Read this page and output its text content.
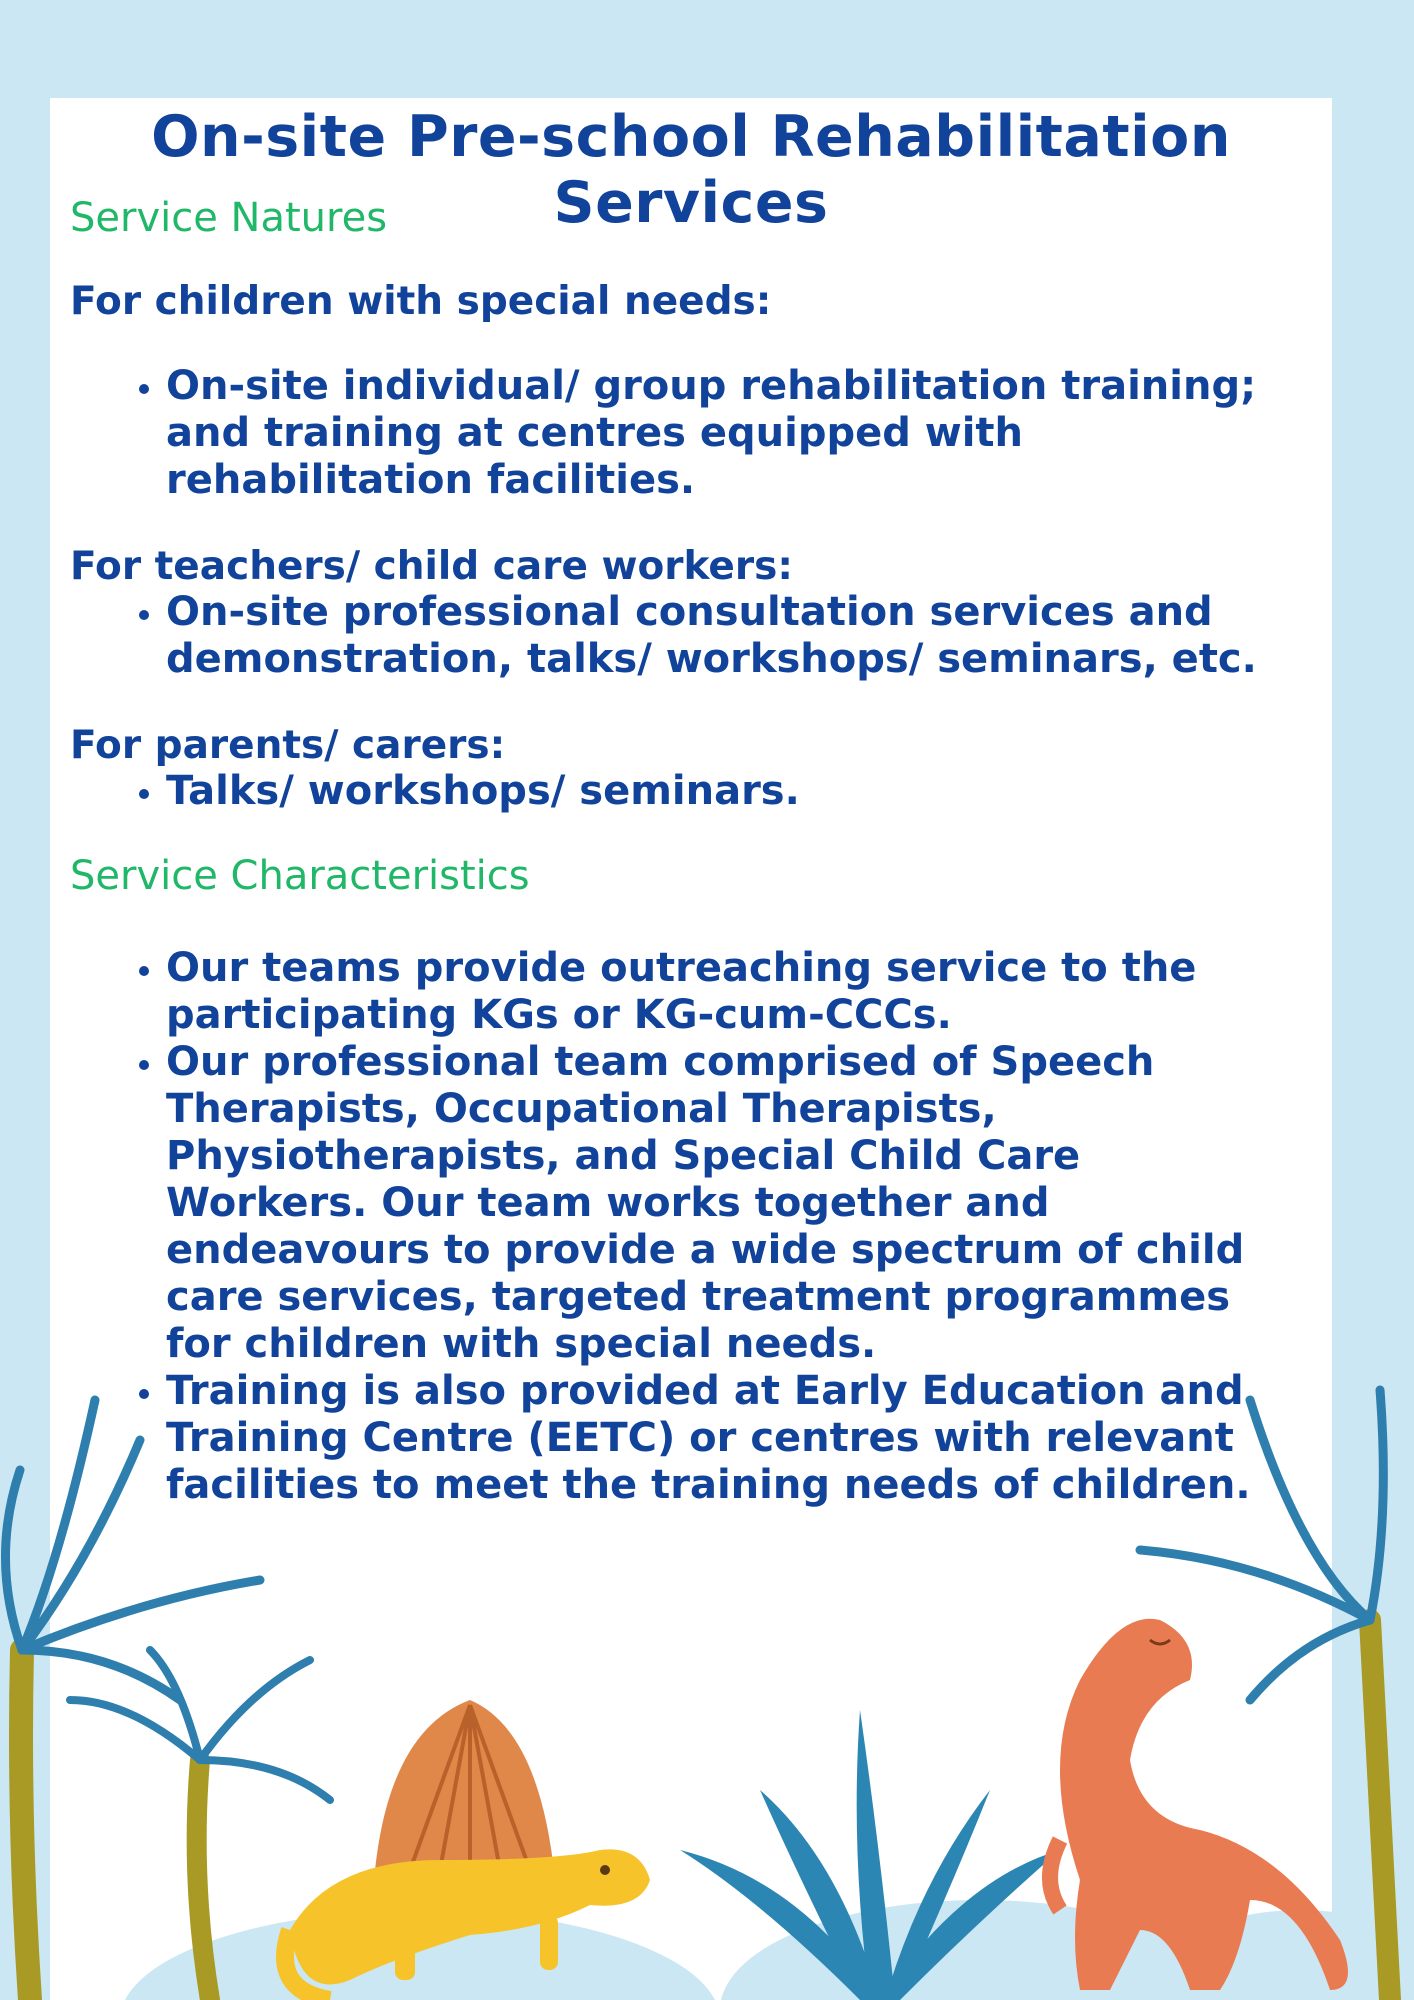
On-site Pre-school Rehabilitation Services
Service Natures

For children with special needs:

• On-site individual/ group rehabilitation training; and training at centres equipped with rehabilitation facilities.

For teachers/ child care workers:

• On-site professional consultation services and demonstration, talks/ workshops/ seminars, etc.

For parents/ carers:

• Talks/ workshops/ seminars.
Service Characteristics
• Our teams provide outreaching service to the participating KGs or KG-cum-CCCs.
• Our professional team comprised of Speech Therapists, Occupational Therapists, Physiotherapists, and Special Child Care Workers. Our team works together and endeavours to provide a wide spectrum of child care services, targeted treatment programmes for children with special needs.
• Training is also provided at Early Education and Training Centre (EETC) or centres with relevant facilities to meet the training needs of children.
